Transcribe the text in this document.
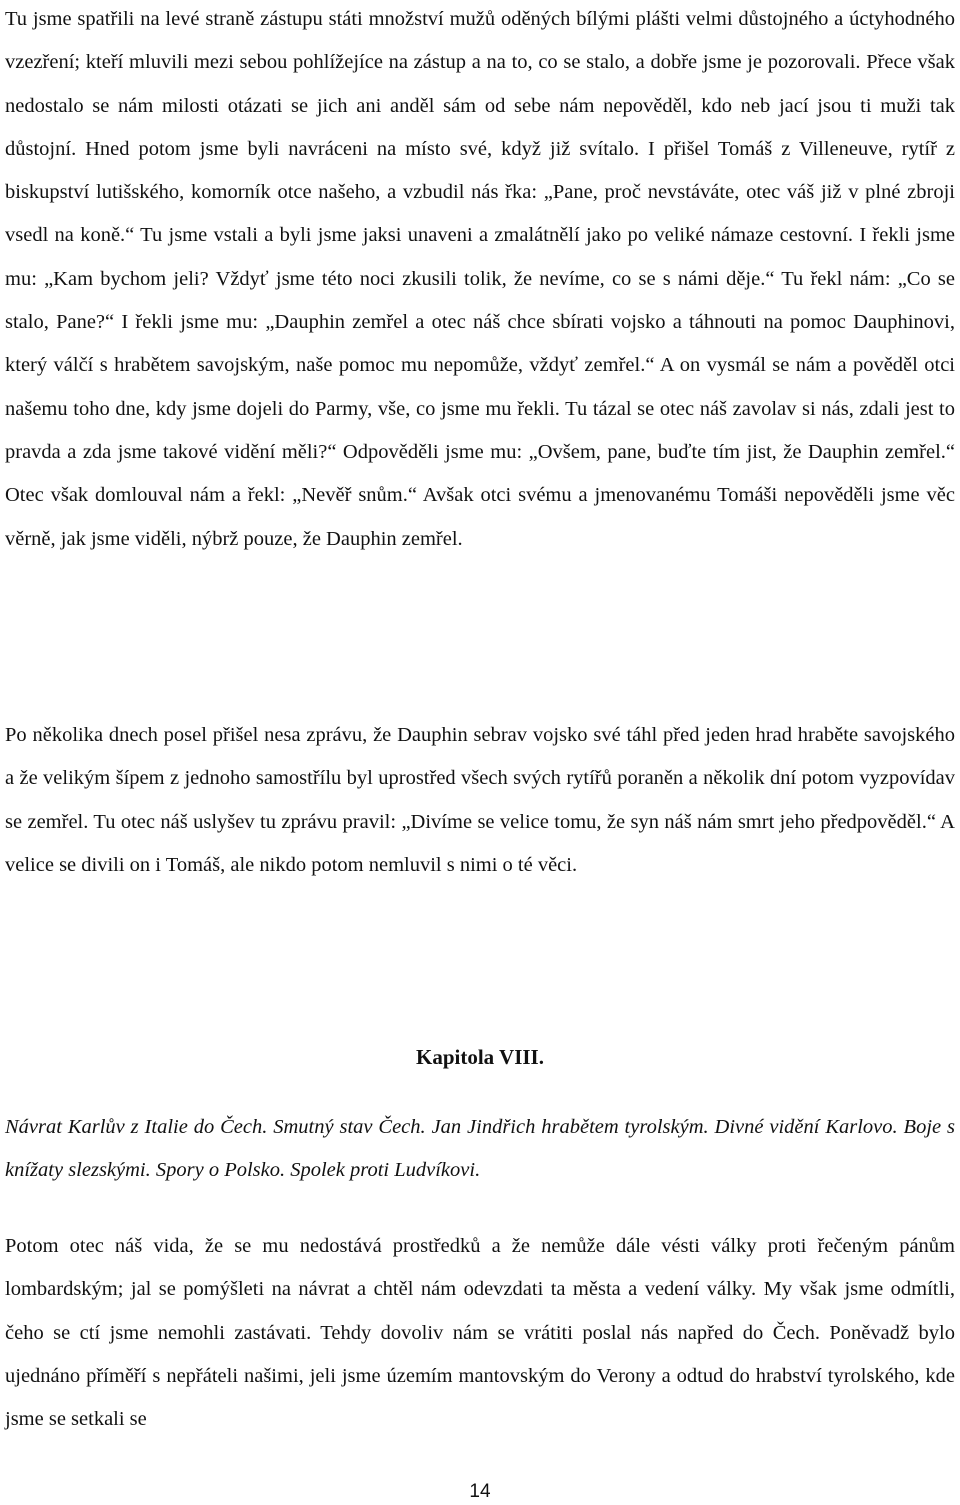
Tu jsme spatřili na levé straně zástupu státi množství mužů oděných bílými plášti velmi důstojného a úctyhodného vzezření; kteří mluvili mezi sebou pohlížejíce na zástup a na to, co se stalo, a dobře jsme je pozorovali. Přece však nedostalo se nám milosti otázati se jich ani anděl sám od sebe nám nepověděl, kdo neb jací jsou ti muži tak důstojní. Hned potom jsme byli navráceni na místo své, když již svítalo. I přišel Tomáš z Villeneuve, rytíř z biskupství lutišského, komorník otce našeho, a vzbudil nás řka: „Pane, proč nevstáváte, otec váš již v plné zbroji vsedl na koně.“ Tu jsme vstali a byli jsme jaksi unaveni a zmalátnělí jako po veliké námaze cestovní. I řekli jsme mu: „Kam bychom jeli? Vždyť jsme této noci zkusili tolik, že nevíme, co se s námi děje.“ Tu řekl nám: „Co se stalo, Pane?“ I řekli jsme mu: „Dauphin zemřel a otec náš chce sbírati vojsko a táhnouti na pomoc Dauphinovi, který válčí s hrabětem savojským, naše pomoc mu nepomůže, vždyť zemřel.“ A on vysmál se nám a pověděl otci našemu toho dne, kdy jsme dojeli do Parmy, vše, co jsme mu řekli. Tu tázal se otec náš zavolav si nás, zdali jest to pravda a zda jsme takové vidění měli?“ Odpověděli jsme mu: „Ovšem, pane, buďte tím jist, že Dauphin zemřel.“ Otec však domlouval nám a řekl: „Nevěř snům.“ Avšak otci svému a jmenovanému Tomáši nepověděli jsme věc věrně, jak jsme viděli, nýbrž pouze, že Dauphin zemřel.

Po několika dnech posel přišel nesa zprávu, že Dauphin sebrav vojsko své táhl před jeden hrad hraběte savojského a že velikým šípem z jednoho samostřílu byl uprostřed všech svých rytířů poraněn a několik dní potom vyzpovídav se zemřel. Tu otec náš uslyšev tu zprávu pravil: „Divíme se velice tomu, že syn náš nám smrt jeho předpověděl.“ A velice se divili on i Tomáš, ale nikdo potom nemluvil s nimi o té věci.

Kapitola VIII.

Návrat Karlův z Italie do Čech. Smutný stav Čech. Jan Jindřich hrabětem tyrolským. Divné vidění Karlovo. Boje s knížaty slezskými. Spory o Polsko. Spolek proti Ludvíkovi.

Potom otec náš vida, že se mu nedostává prostředků a že nemůže dále vésti války proti řečeným pánům lombardským; jal se pomýšleti na návrat a chtěl nám odevzdati ta města a vedení války. My však jsme odmítli, čeho se ctí jsme nemohli zastávati. Tehdy dovoliv nám se vrátiti poslal nás napřed do Čech. Poněvadž bylo ujednáno příměří s nepřáteli našimi, jeli jsme územím mantovským do Verony a odtud do hrabství tyrolského, kde jsme se setkali se

14
